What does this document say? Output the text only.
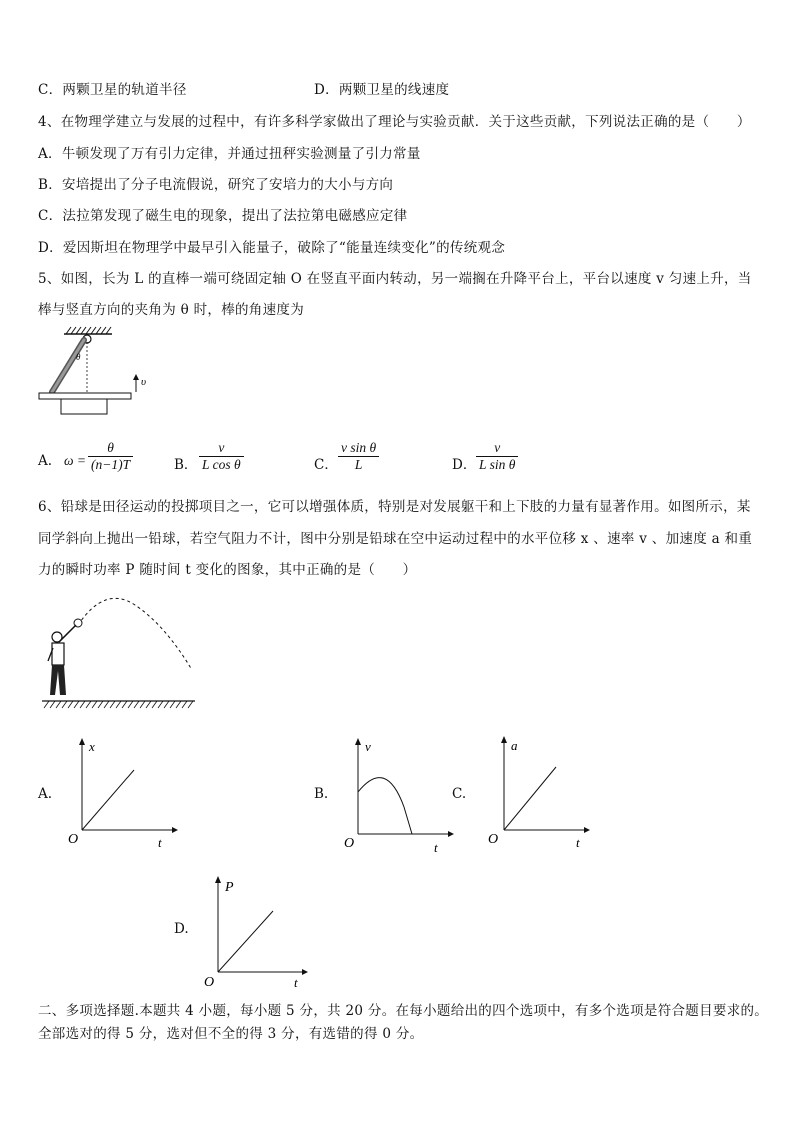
C．两颗卫星的轨道半径	D．两颗卫星的线速度
4、在物理学建立与发展的过程中，有许多科学家做出了理论与实验贡献．关于这些贡献，下列说法正确的是（　　）
A．牛顿发现了万有引力定律，并通过扭秤实验测量了引力常量
B．安培提出了分子电流假说，研究了安培力的大小与方向
C．法拉第发现了磁生电的现象，提出了法拉第电磁感应定律
D．爱因斯坦在物理学中最早引入能量子，破除了“能量连续变化”的传统观念
5、如图，长为 L 的直棒一端可绕固定轴 O 在竖直平面内转动，另一端搁在升降平台上，平台以速度 v 匀速上升，当
棒与竖直方向的夹角为 θ 时，棒的角速度为
θ
υ
A. $\omega = \frac{\theta}{(n-1)T}$	B． $\frac{v}{\text{L cos θ}}$	C． $\frac{\text{v sin θ}}{L}$	D． $\frac{v}{\text{L sin θ}}$
6、铅球是田径运动的投掷项目之一，它可以增强体质，特别是对发展躯干和上下肢的力量有显著作用。如图所示，某
同学斜向上抛出一铅球，若空气阻力不计，图中分别是铅球在空中运动过程中的水平位移 x 、速率 v 、加速度 a 和重
力的瞬时功率 P 随时间 t 变化的图象，其中正确的是（　　）
A.
x
t
O
B.
v
t
O
C.
a
t
O
D.
P
t
O
二、多项选择题.本题共 4 小题，每小题 5 分，共 20 分。在每小题给出的四个选项中，有多个选项是符合题目要求的。
全部选对的得 5 分，选对但不全的得 3 分，有选错的得 0 分。
